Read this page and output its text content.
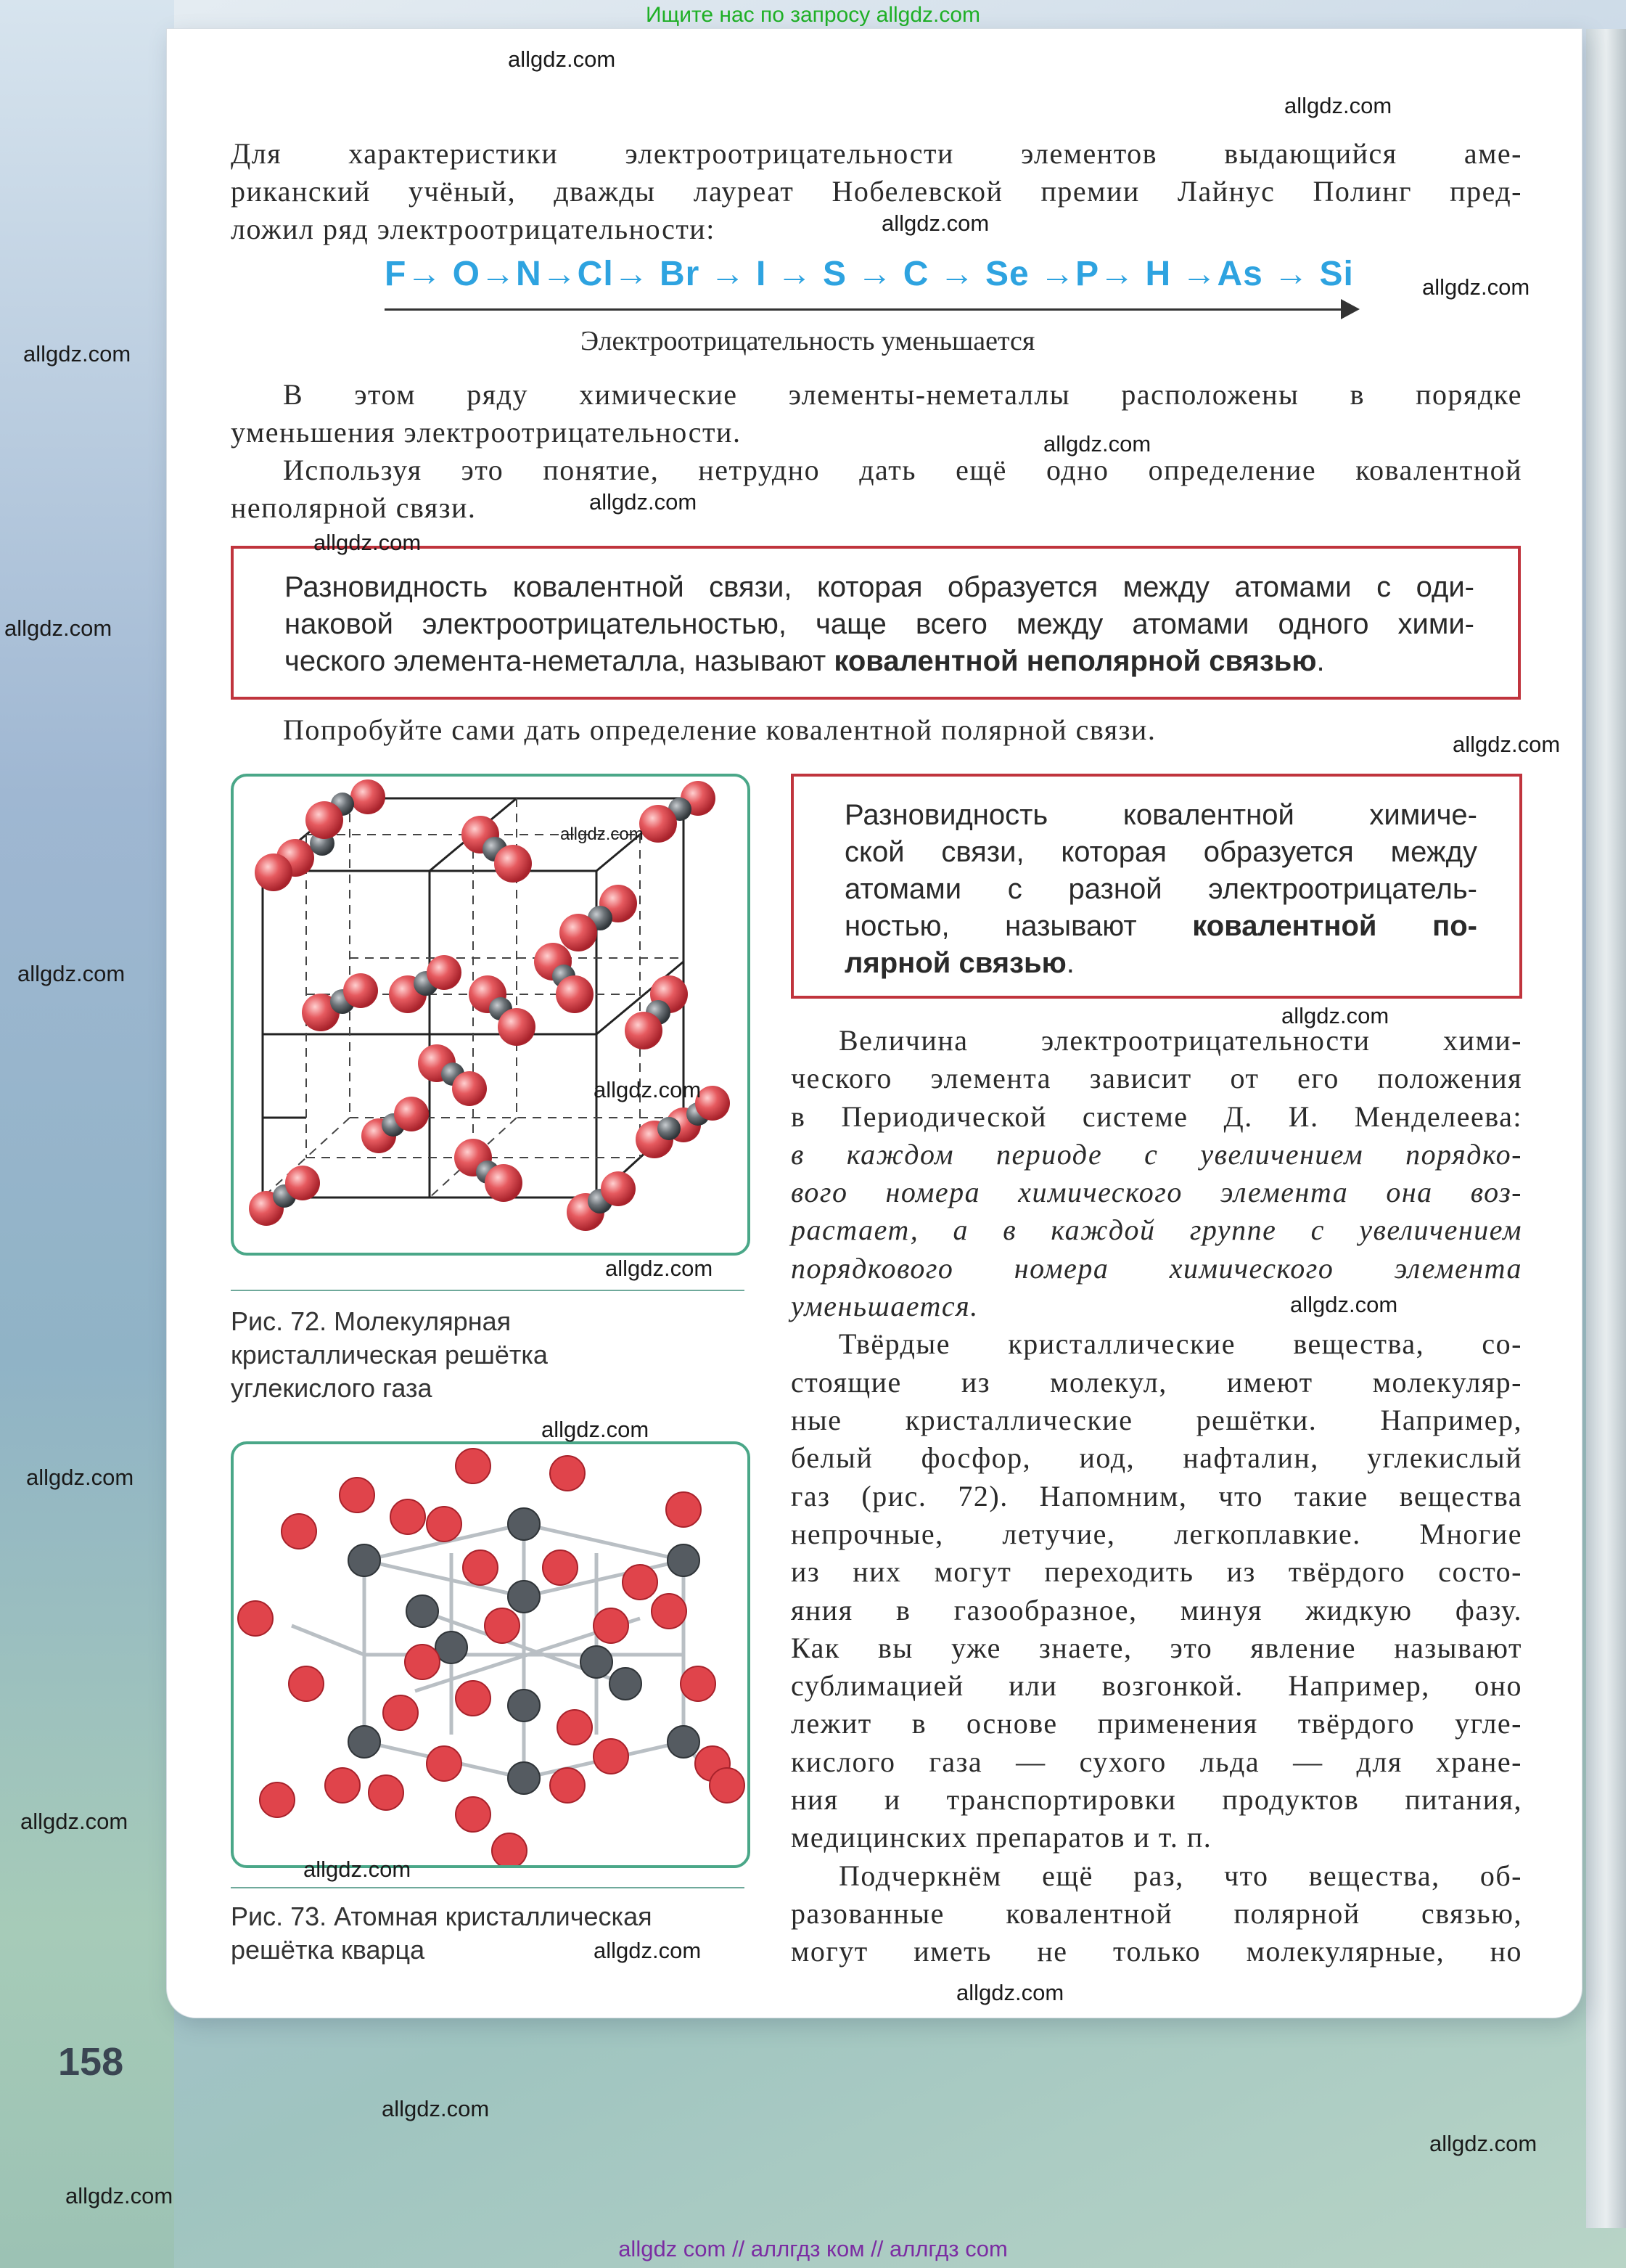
Ищите нас по запросу allgdz.com
Для характеристики электроотрицательности элементов выдающийся аме-
риканский учёный, дважды лауреат Нобелевской премии Лайнус Полинг пред-
ложил ряд электроотрицательности:
F→ O→N→Cl→ Br → I → S → C → Se →P→ H →As → Si
Электроотрицательность уменьшается
В этом ряду химические элементы-неметаллы расположены в порядке
уменьшения электроотрицательности.
Используя это понятие, нетрудно дать ещё одно определение ковалентной
неполярной связи.
Разновидность ковалентной связи, которая образуется между атомами с оди-
наковой электроотрицательностью, чаще всего между атомами одного хими-
ческого элемента-неметалла, называют ковалентной неполярной связью.
Попробуйте сами дать определение ковалентной полярной связи.
Рис. 72. Молекулярная
кристаллическая решётка
углекислого газа
Рис. 73. Атомная кристаллическая
решётка кварца
Разновидность ковалентной химиче-
ской связи, которая образуется между
атомами с разной электроотрицатель-
ностью, называют ковалентной по-
лярной связью.
Величина электроотрицательности хими-
ческого элемента зависит от его положения
в Периодической системе Д. И. Менделеева:
в каждом периоде с увеличением порядко-
вого номера химического элемента она воз-
растает, а в каждой группе с увеличением
порядкового номера химического элемента
уменьшается.
Твёрдые кристаллические вещества, со-
стоящие из молекул, имеют молекуляр-
ные кристаллические решётки. Например,
белый фосфор, иод, нафталин, углекислый
газ (рис. 72). Напомним, что такие вещества
непрочные, летучие, легкоплавкие. Многие
из них могут переходить из твёрдого состо-
яния в газообразное, минуя жидкую фазу.
Как вы уже знаете, это явление называют
сублимацией или возгонкой. Например, оно
лежит в основе применения твёрдого угле-
кислого газа — сухого льда — для хране-
ния и транспортировки продуктов питания,
медицинских препаратов и т. п.
Подчеркнём ещё раз, что вещества, об-
разованные ковалентной полярной связью,
могут иметь не только молекулярные, но
158
allgdz.com
allgdz.com
allgdz.com
allgdz.com
allgdz.com
allgdz.com
allgdz.com
allgdz.com
allgdz.com
allgdz.com
allgdz.com
allgdz.com
allgdz.com
allgdz.com
allgdz.com
allgdz.com
allgdz.com
allgdz.com
allgdz.com
allgdz.com
allgdz.com
allgdz.com
allgdz.com
allgdz.com
allgdz.com
allgdz com // аллгдз ком // аллгдз com
